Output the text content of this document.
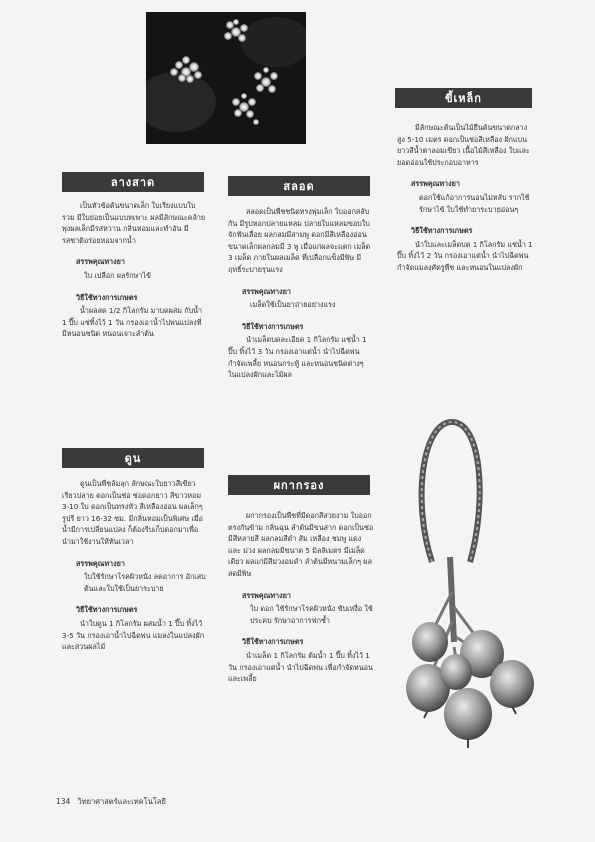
ลางสาด

เป็นหัวข้อต้นขนาดเล็ก ใบเรียงแบบใบรวม มีใบย่อยเป็นแบบทเพาะ ผลมีลักษณะคล้ายพุ่งผลเล็กมีรสหวาน กลิ่นหอมและทำอัน มีรสชาติอร่อยหอมจากน้ำ

สรรพคุณทางยา
ใบ เปลือก ผลรักษาไข้
วิธีใช้ทางการเกษตร

น้ำผลสด 1/2 กิโลกรัม มาบดผสม กับน้ำ 1 ปี๊บ แช่ทิ้งไว้ 1 วัน กรองเอาน้ำไปพ่นแปลงที่มีหนอนชนิด หนอนเจาะลำต้น

ดูน

ดูนเป็นพืชล้มลุก ลักษณะใบยาวสีเขียวเรียวปลาย ดอกเป็นช่อ ช่อดอกยาว สีขาวหอม 3-10 ใบ ดอกเป็นทรงหัว สีเหลืองอ่อน ผลเล็กๆ รูปรี ยาว 16-32 ซม. มีกลิ่นหอมเป็นพิเศษ เมื่อน้ำมีการเปลี่ยนแปลง ก็ต้องรีบเก็บดอกมาเพื่อนำมาใช้งานให้ทันเวลา

สรรพคุณทางยา
ใบใช้รักษาโรคผิวหนัง ลดอาการ อักเสบ ต้นและใบใช้เป็นยาระบาย
วิธีใช้ทางการเกษตร

นำใบดูน 1 กิโลกรัม ผสมน้ำ 1 ปี๊บ ทิ้งไว้ 3-5 วัน กรองเอาน้ำไปฉีดพ่น แมลงในแปลงผักและสวนผลไม้

สลอด

สลอดเป็นพืชชนิดทรงพุ่มเล็ก ใบออกสลับกัน มีรูปหอกปลายแหลม ปลายใบแหลมขอบใบจักฟันเลื่อย ผลกลมมีสามพู ดอกมีสีเหลืองอ่อน ขนาดเล็กผลกลมมี 3 พู เมื่อแก่ผลจะแตก เมล็ด 3 เมล็ด ภายในผลเมล็ด ที่เปลือกแข็งมีพิษ มีฤทธิ์ระบายรุนแรง

สรรพคุณทางยา
เมล็ดใช้เป็นยาถ่ายอย่างแรง
วิธีใช้ทางการเกษตร

นำเมล็ดบดละเอียด 1 กิโลกรัม แช่น้ำ 1 ปี๊บ ทิ้งไว้ 3 วัน กรองเอาแต่น้ำ นำไปฉีดพ่นกำจัดเพลี้ย หนอนกระทู้ และหนอนชนิดต่างๆ ในแปลงผักและไม้ผล

ผกากรอง

ผกากรองเป็นพืชที่มีดอกสีสวยงาม ใบออกตรงกันข้าม กลิ่นฉุน ลำต้นมีขนสาก ดอกเป็นช่อมีสีหลายสี ผลกลมสีดำ ส้ม เหลือง ชมพู แดง และ ม่วง ผลกลมมีขนาด 5 มิลลิเมตร มีเมล็ดเดียว ผลแก่มีสีม่วงอมดำ ลำต้นมีหนามเล็กๆ ผลสดมีพิษ

สรรพคุณทางยา
ใบ ดอก ใช้รักษาโรคผิวหนัง ขับเหงื่อ ใช้ประคบ รักษาอาการฟกช้ำ
วิธีใช้ทางการเกษตร

นำเมล็ด 1 กิโลกรัม ต้มน้ำ 1 ปี๊บ ทิ้งไว้ 1 วัน กรองเอาแต่น้ำ นำไปฉีดพ่น เพื่อกำจัดหนอนและเพลี้ย

ขี้เหล็ก

มีลักษณะต้นเป็นไม้ยืนต้นขนาดกลาง สูง 5-10 เมตร ดอกเป็นช่อสีเหลือง ฝักแบนยาวสีน้ำตาลอมเขียว เนื้อไม้สีเหลือง ใบและยอดอ่อนใช้ประกอบอาหาร

สรรพคุณทางยา
ดอกใช้แก้อาการนอนไม่หลับ รากใช้รักษาไข้ ใบใช้ทำยาระบายอ่อนๆ
วิธีใช้ทางการเกษตร

นำใบและเมล็ดบด 1 กิโลกรัม แช่น้ำ 1 ปี๊บ ทิ้งไว้ 2 วัน กรองเอาแต่น้ำ นำไปฉีดพ่นกำจัดแมลงศัตรูพืช และหนอนในแปลงผัก

134 วิทยาศาสตร์และเทคโนโลยี
